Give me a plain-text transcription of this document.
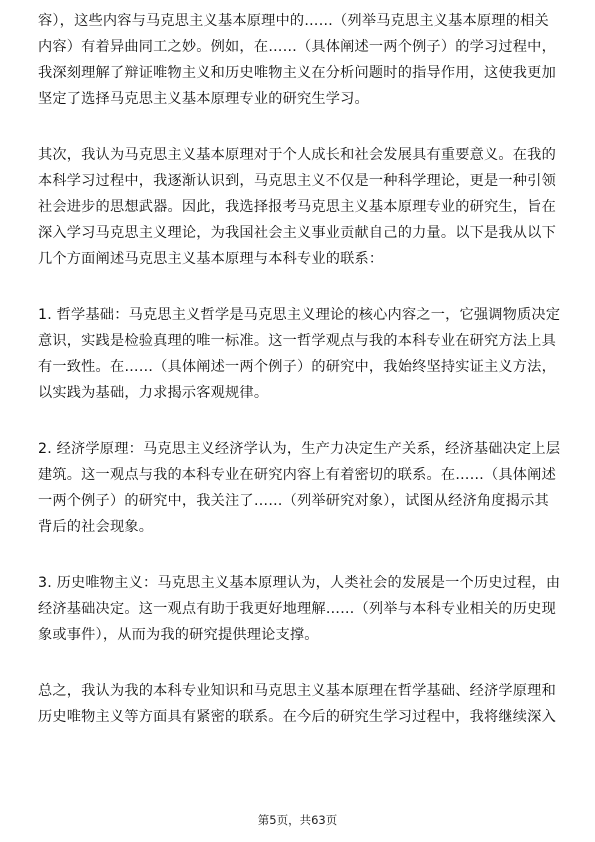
容），这些内容与马克思主义基本原理中的……（列举马克思主义基本原理的相关
内容）有着异曲同工之妙。例如，在……（具体阐述一两个例子）的学习过程中，
我深刻理解了辩证唯物主义和历史唯物主义在分析问题时的指导作用，这使我更加
坚定了选择马克思主义基本原理专业的研究生学习。

其次，我认为马克思主义基本原理对于个人成长和社会发展具有重要意义。在我的
本科学习过程中，我逐渐认识到，马克思主义不仅是一种科学理论，更是一种引领
社会进步的思想武器。因此，我选择报考马克思主义基本原理专业的研究生，旨在
深入学习马克思主义理论，为我国社会主义事业贡献自己的力量。以下是我从以下
几个方面阐述马克思主义基本原理与本科专业的联系：

1. 哲学基础：马克思主义哲学是马克思主义理论的核心内容之一，它强调物质决定
意识，实践是检验真理的唯一标准。这一哲学观点与我的本科专业在研究方法上具
有一致性。在……（具体阐述一两个例子）的研究中，我始终坚持实证主义方法，
以实践为基础，力求揭示客观规律。

2. 经济学原理：马克思主义经济学认为，生产力决定生产关系，经济基础决定上层
建筑。这一观点与我的本科专业在研究内容上有着密切的联系。在……（具体阐述
一两个例子）的研究中，我关注了……（列举研究对象），试图从经济角度揭示其
背后的社会现象。

3. 历史唯物主义：马克思主义基本原理认为，人类社会的发展是一个历史过程，由
经济基础决定。这一观点有助于我更好地理解……（列举与本科专业相关的历史现
象或事件），从而为我的研究提供理论支撑。

总之，我认为我的本科专业知识和马克思主义基本原理在哲学基础、经济学原理和
历史唯物主义等方面具有紧密的联系。在今后的研究生学习过程中，我将继续深入

第5页，共63页
